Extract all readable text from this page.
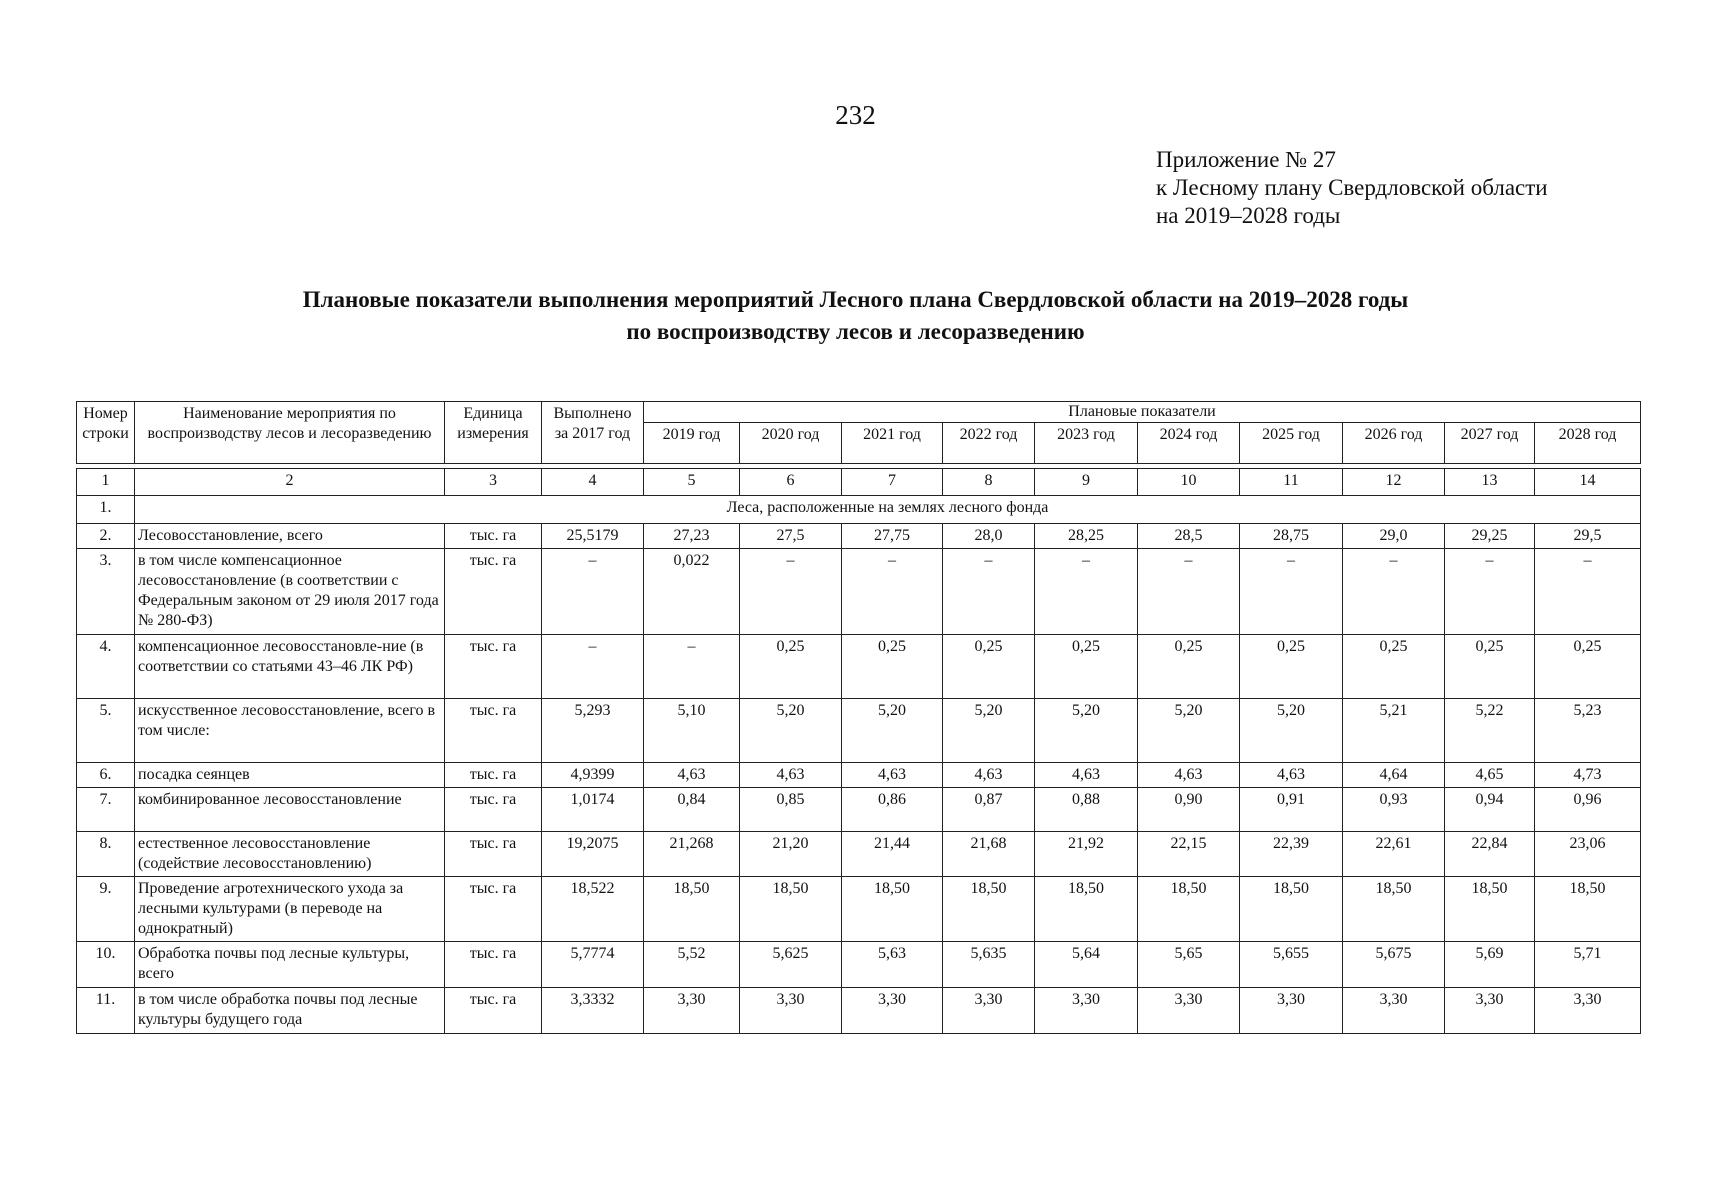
232
Приложение № 27
к Лесному плану Свердловской области
на 2019–2028 годы
Плановые показатели выполнения мероприятий Лесного плана Свердловской области на 2019–2028 годы
по воспроизводству лесов и лесоразведению
Номер строки	Наименование мероприятия по воспроизводству лесов и лесоразведению	Единица измерения	Выполнено за 2017 год	Плановые показатели									
				2019 год	2020 год	2021 год	2022 год	2023 год	2024 год	2025 год	2026 год	2027 год	2028 год

1	2	3	4	5	6	7	8	9	10	11	12	13	14
1.	Леса, расположенные на землях лесного фонда												
2.	Лесовосстановление, всего	тыс. га	25,5179	27,23	27,5	27,75	28,0	28,25	28,5	28,75	29,0	29,25	29,5
3.	в том числе компенсационное лесовосстановление (в соответствии с Федеральным законом от 29 июля 2017 года № 280-ФЗ)	тыс. га	–	0,022	–	–	–	–	–	–	–	–	–
4.	компенсационное лесовосстановле-ние (в соответствии со статьями 43–46 ЛК РФ)	тыс. га	–	–	0,25	0,25	0,25	0,25	0,25	0,25	0,25	0,25	0,25
5.	искусственное лесовосстановление, всего в том числе:	тыс. га	5,293	5,10	5,20	5,20	5,20	5,20	5,20	5,20	5,21	5,22	5,23
6.	посадка сеянцев	тыс. га	4,9399	4,63	4,63	4,63	4,63	4,63	4,63	4,63	4,64	4,65	4,73
7.	комбинированное лесовосстановление	тыс. га	1,0174	0,84	0,85	0,86	0,87	0,88	0,90	0,91	0,93	0,94	0,96
8.	естественное лесовосстановление (содействие лесовосстановлению)	тыс. га	19,2075	21,268	21,20	21,44	21,68	21,92	22,15	22,39	22,61	22,84	23,06
9.	Проведение агротехнического ухода за лесными культурами (в переводе на однократный)	тыс. га	18,522	18,50	18,50	18,50	18,50	18,50	18,50	18,50	18,50	18,50	18,50
10.	Обработка почвы под лесные культуры, всего	тыс. га	5,7774	5,52	5,625	5,63	5,635	5,64	5,65	5,655	5,675	5,69	5,71
11.	в том числе обработка почвы под лесные культуры будущего года	тыс. га	3,3332	3,30	3,30	3,30	3,30	3,30	3,30	3,30	3,30	3,30	3,30
